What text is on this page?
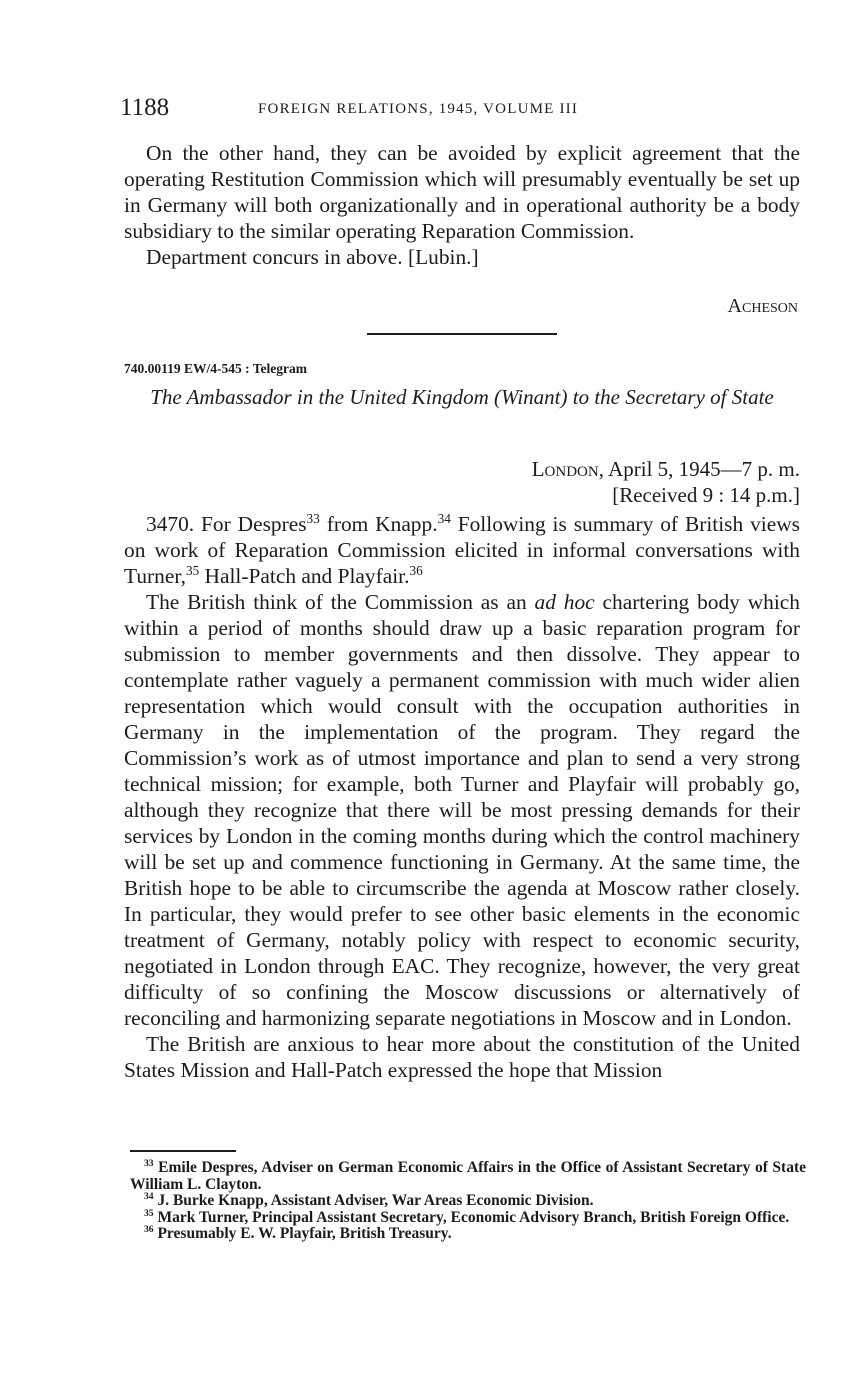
1188	FOREIGN RELATIONS, 1945, VOLUME III

On the other hand, they can be avoided by explicit agreement that the operating Restitution Commission which will presumably eventually be set up in Germany will both organizationally and in operational authority be a body subsidiary to the similar operating Reparation Commission.

Department concurs in above. [Lubin.]

Acheson
740.00119 EW/4-545 : Telegram
The Ambassador in the United Kingdom (Winant) to the Secretary of State
London, April 5, 1945—7 p. m.
[Received 9 : 14 p.m.]

3470. For Despres$^{33}$ from Knapp.$^{34}$ Following is summary of British views on work of Reparation Commission elicited in informal conversations with Turner,$^{35}$ Hall-Patch and Playfair.$^{36}$

The British think of the Commission as an ad hoc chartering body which within a period of months should draw up a basic reparation program for submission to member governments and then dissolve. They appear to contemplate rather vaguely a permanent commission with much wider alien representation which would consult with the occupation authorities in Germany in the implementation of the program. They regard the Commission’s work as of utmost importance and plan to send a very strong technical mission; for example, both Turner and Playfair will probably go, although they recognize that there will be most pressing demands for their services by London in the coming months during which the control machinery will be set up and commence functioning in Germany. At the same time, the British hope to be able to circumscribe the agenda at Moscow rather closely. In particular, they would prefer to see other basic elements in the economic treatment of Germany, notably policy with respect to economic security, negotiated in London through EAC. They recognize, however, the very great difficulty of so confining the Moscow discussions or alternatively of reconciling and harmonizing separate negotiations in Moscow and in London.

The British are anxious to hear more about the constitution of the United States Mission and Hall-Patch expressed the hope that Mission

$^{33}$ Emile Despres, Adviser on German Economic Affairs in the Office of Assistant Secretary of State William L. Clayton.

$^{34}$ J. Burke Knapp, Assistant Adviser, War Areas Economic Division.

$^{35}$ Mark Turner, Principal Assistant Secretary, Economic Advisory Branch, British Foreign Office.

$^{36}$ Presumably E. W. Playfair, British Treasury.
